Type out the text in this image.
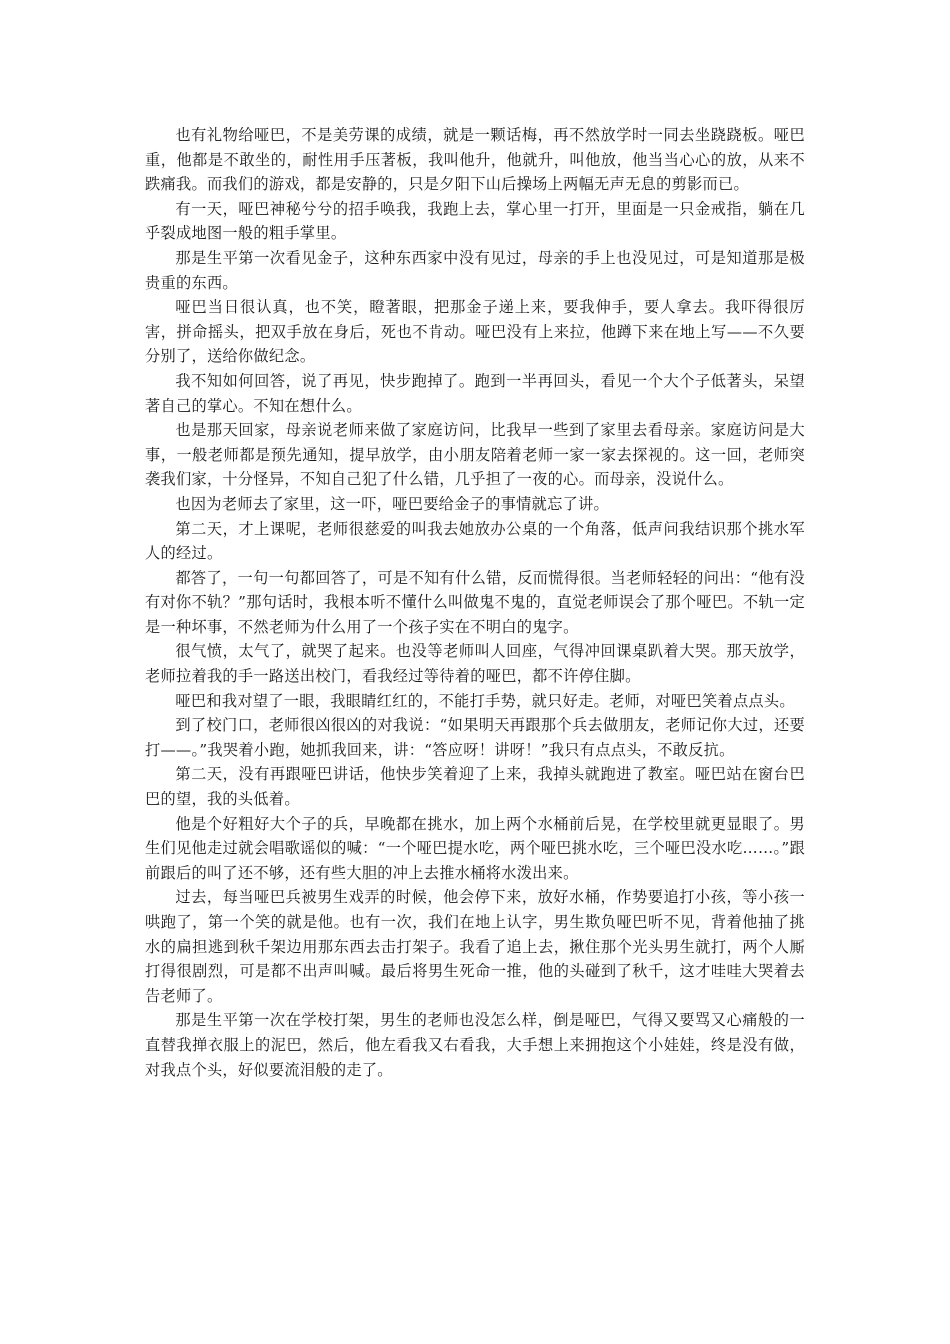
也有礼物给哑巴，不是美劳课的成绩，就是一颗话梅，再不然放学时一同去坐跷跷板。哑巴重，他都是不敢坐的，耐性用手压著板，我叫他升，他就升，叫他放，他当当心心的放，从来不跌痛我。而我们的游戏，都是安静的，只是夕阳下山后操场上两幅无声无息的剪影而已。

有一天，哑巴神秘兮兮的招手唤我，我跑上去，掌心里一打开，里面是一只金戒指，躺在几乎裂成地图一般的粗手掌里。

那是生平第一次看见金子，这种东西家中没有见过，母亲的手上也没见过，可是知道那是极贵重的东西。

哑巴当日很认真，也不笑，瞪著眼，把那金子递上来，要我伸手，要人拿去。我吓得很厉害，拼命摇头，把双手放在身后，死也不肯动。哑巴没有上来拉，他蹲下来在地上写——不久要分别了，送给你做纪念。

我不知如何回答，说了再见，快步跑掉了。跑到一半再回头，看见一个大个子低著头，呆望著自己的掌心。不知在想什么。

也是那天回家，母亲说老师来做了家庭访问，比我早一些到了家里去看母亲。家庭访问是大事，一般老师都是预先通知，提早放学，由小朋友陪着老师一家一家去探视的。这一回，老师突袭我们家，十分怪异，不知自己犯了什么错，几乎担了一夜的心。而母亲，没说什么。

也因为老师去了家里，这一吓，哑巴要给金子的事情就忘了讲。

第二天，才上课呢，老师很慈爱的叫我去她放办公桌的一个角落，低声问我结识那个挑水军人的经过。

都答了，一句一句都回答了，可是不知有什么错，反而慌得很。当老师轻轻的问出：“他有没有对你不轨？”那句话时，我根本听不懂什么叫做鬼不鬼的，直觉老师误会了那个哑巴。不轨一定是一种坏事，不然老师为什么用了一个孩子实在不明白的鬼字。

很气愤，太气了，就哭了起来。也没等老师叫人回座，气得冲回课桌趴着大哭。那天放学，老师拉着我的手一路送出校门，看我经过等待着的哑巴，都不许停住脚。

哑巴和我对望了一眼，我眼睛红红的，不能打手势，就只好走。老师，对哑巴笑着点点头。

到了校门口，老师很凶很凶的对我说：“如果明天再跟那个兵去做朋友，老师记你大过，还要打——。”我哭着小跑，她抓我回来，讲：“答应呀！讲呀！”我只有点点头，不敢反抗。

第二天，没有再跟哑巴讲话，他快步笑着迎了上来，我掉头就跑进了教室。哑巴站在窗台巴巴的望，我的头低着。

他是个好粗好大个子的兵，早晚都在挑水，加上两个水桶前后晃，在学校里就更显眼了。男生们见他走过就会唱歌谣似的喊：“一个哑巴提水吃，两个哑巴挑水吃，三个哑巴没水吃……。”跟前跟后的叫了还不够，还有些大胆的冲上去推水桶将水泼出来。

过去，每当哑巴兵被男生戏弄的时候，他会停下来，放好水桶，作势要追打小孩，等小孩一哄跑了，第一个笑的就是他。也有一次，我们在地上认字，男生欺负哑巴听不见，背着他抽了挑水的扁担逃到秋千架边用那东西去击打架子。我看了追上去，揪住那个光头男生就打，两个人厮打得很剧烈，可是都不出声叫喊。最后将男生死命一推，他的头碰到了秋千，这才哇哇大哭着去告老师了。

那是生平第一次在学校打架，男生的老师也没怎么样，倒是哑巴，气得又要骂又心痛般的一直替我掸衣服上的泥巴，然后，他左看我又右看我，大手想上来拥抱这个小娃娃，终是没有做，对我点个头，好似要流泪般的走了。
